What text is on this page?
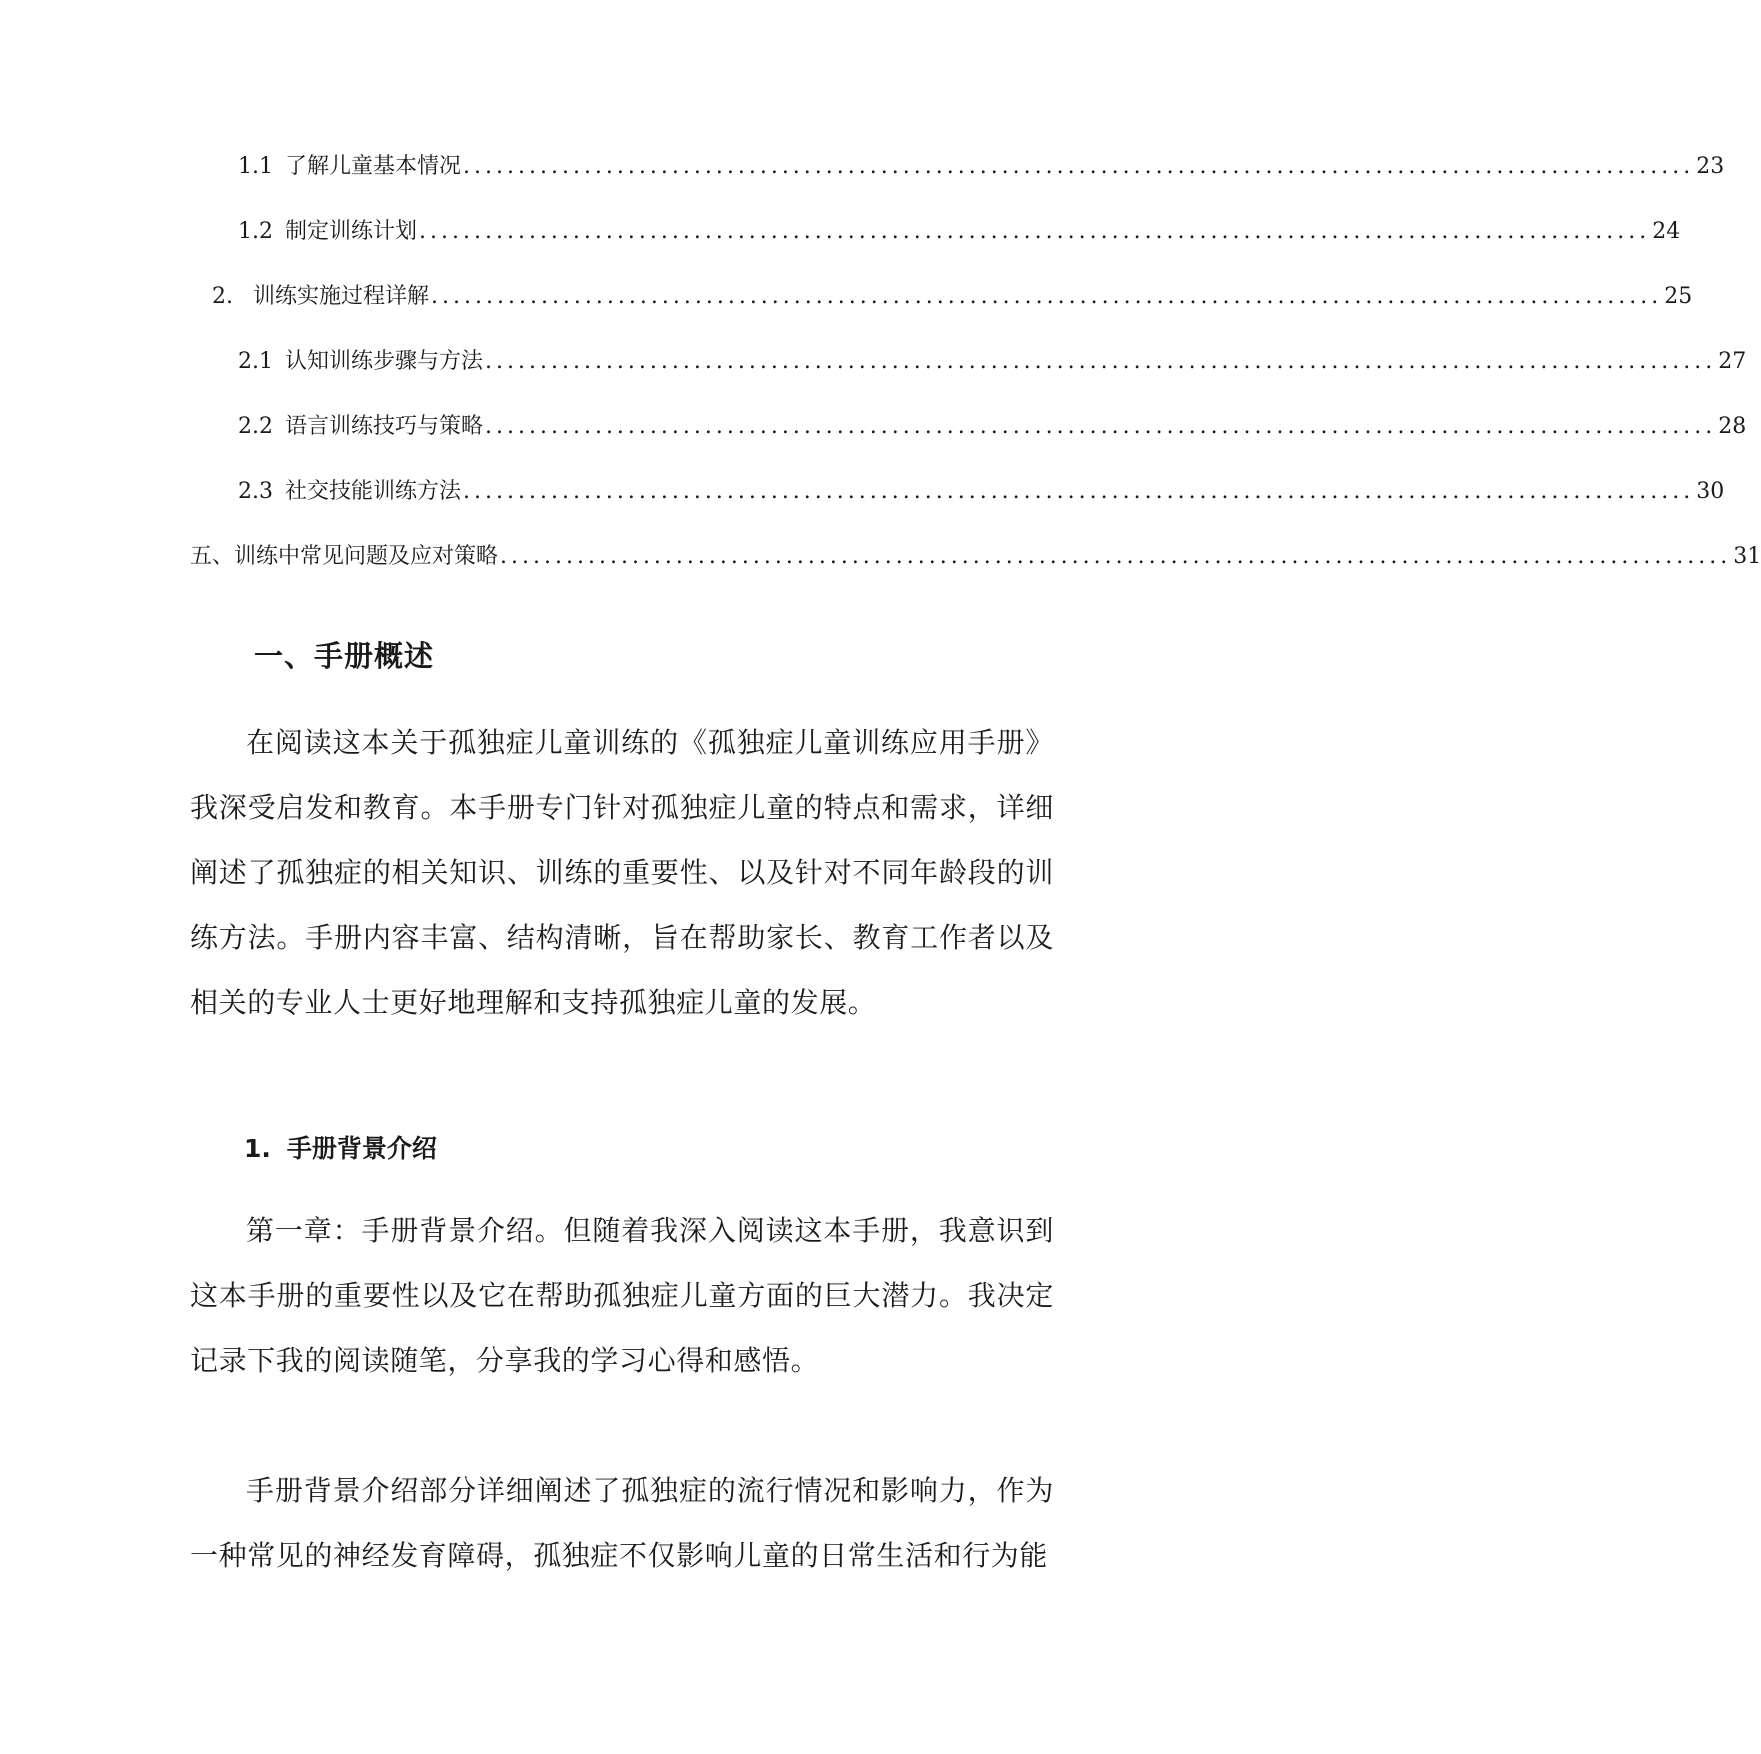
1.1 了解儿童基本情况 ................................................................................................................ 23
1.2 制定训练计划 ................................................................................................................ 24
2. 训练实施过程详解 ................................................................................................................ 25
2.1 认知训练步骤与方法 ................................................................................................................ 27
2.2 语言训练技巧与策略 ................................................................................................................ 28
2.3 社交技能训练方法 ................................................................................................................ 30
五、 训练中常见问题及应对策略 ................................................................................................................ 31
一、手册概述
在阅读这本关于孤独症儿童训练的《孤独症儿童训练应用手册》我深受启发和教育。本手册专门针对孤独症儿童的特点和需求，详细阐述了孤独症的相关知识、训练的重要性、以及针对不同年龄段的训练方法。手册内容丰富、结构清晰，旨在帮助家长、教育工作者以及相关的专业人士更好地理解和支持孤独症儿童的发展。
1. 手册背景介绍
第一章：手册背景介绍。但随着我深入阅读这本手册，我意识到这本手册的重要性以及它在帮助孤独症儿童方面的巨大潜力。我决定记录下我的阅读随笔，分享我的学习心得和感悟。
手册背景介绍部分详细阐述了孤独症的流行情况和影响力，作为一种常见的神经发育障碍，孤独症不仅影响儿童的日常生活和行为能
